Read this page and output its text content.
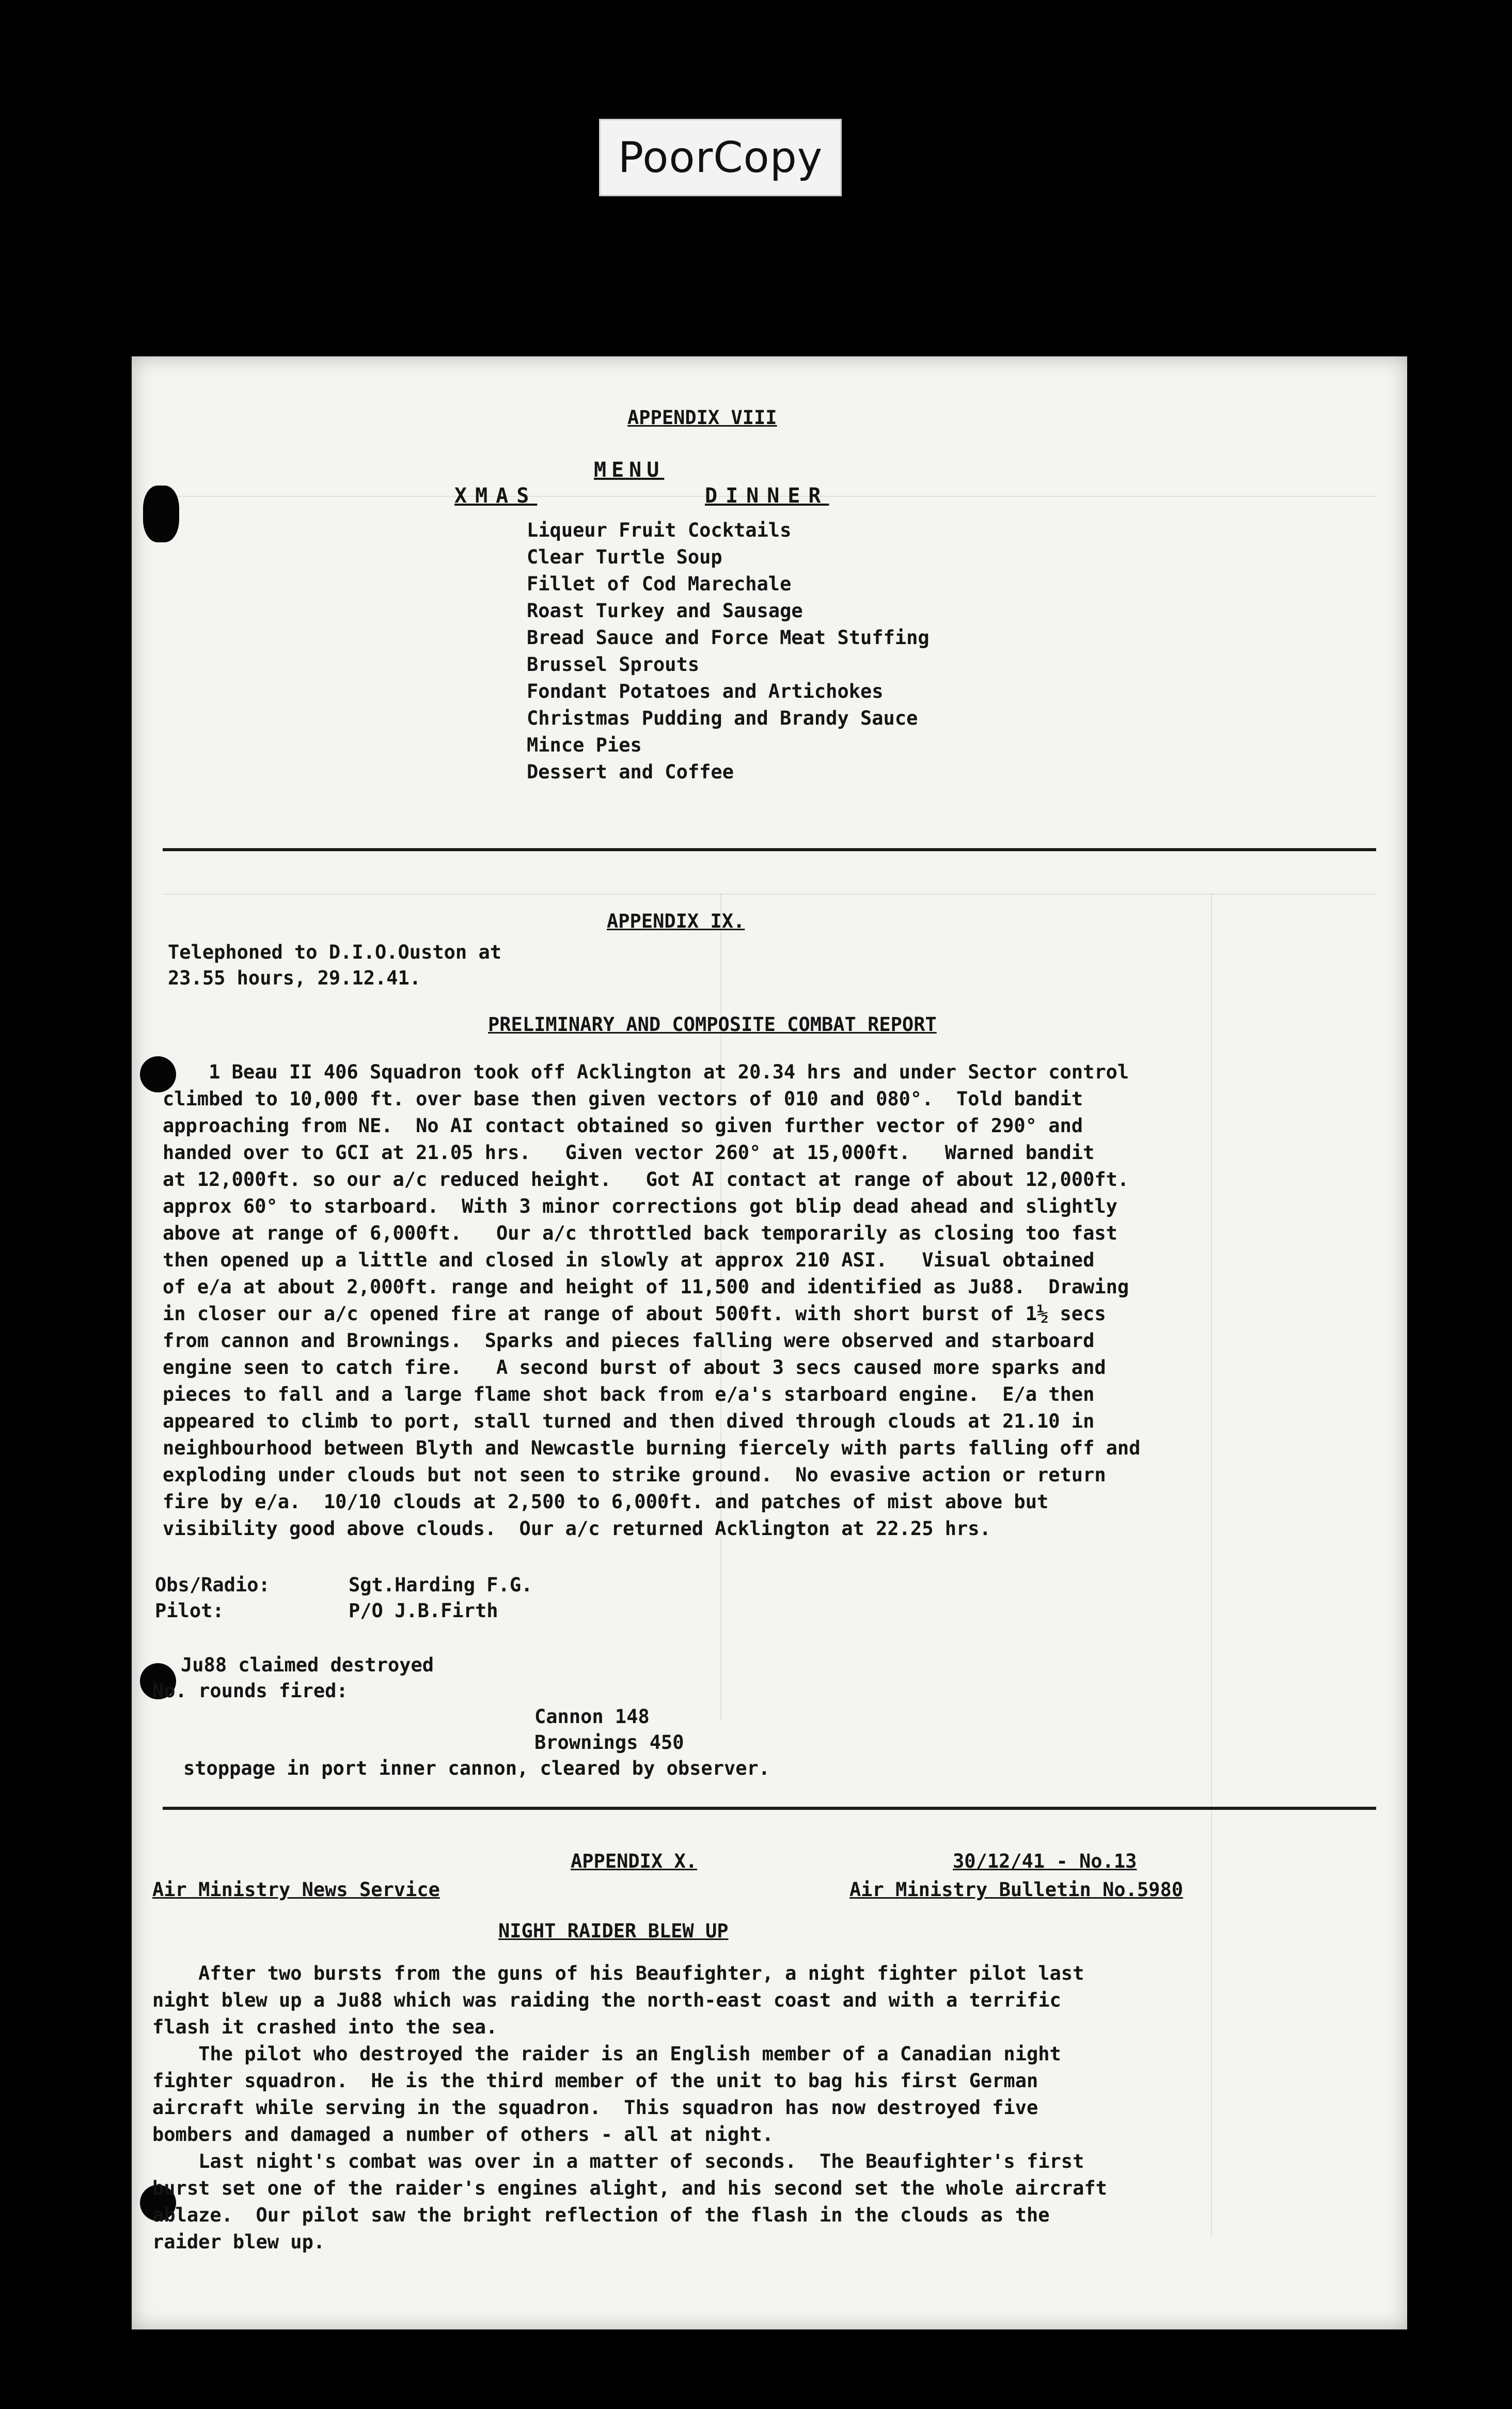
PoorCopy
APPENDIX VIII
MENU
XMAS	DINNER
Liqueur Fruit Cocktails
Clear Turtle Soup
Fillet of Cod Marechale
Roast Turkey and Sausage
Bread Sauce and Force Meat Stuffing
Brussel Sprouts
Fondant Potatoes and Artichokes
Christmas Pudding and Brandy Sauce
Mince Pies
Dessert and Coffee
APPENDIX IX.
Telephoned to D.I.O.Ouston at
23.55 hours, 29.12.41.
PRELIMINARY AND COMPOSITE COMBAT REPORT
1 Beau II 406 Squadron took off Acklington at 20.34 hrs and under Sector control
climbed to 10,000 ft. over base then given vectors of 010 and 080°.  Told bandit
approaching from NE.  No AI contact obtained so given further vector of 290° and
handed over to GCI at 21.05 hrs.   Given vector 260° at 15,000ft.   Warned bandit
at 12,000ft. so our a/c reduced height.   Got AI contact at range of about 12,000ft.
approx 60° to starboard.  With 3 minor corrections got blip dead ahead and slightly
above at range of 6,000ft.   Our a/c throttled back temporarily as closing too fast
then opened up a little and closed in slowly at approx 210 ASI.   Visual obtained
of e/a at about 2,000ft. range and height of 11,500 and identified as Ju88.  Drawing
in closer our a/c opened fire at range of about 500ft. with short burst of 1½ secs
from cannon and Brownings.  Sparks and pieces falling were observed and starboard
engine seen to catch fire.   A second burst of about 3 secs caused more sparks and
pieces to fall and a large flame shot back from e/a's starboard engine.  E/a then
appeared to climb to port, stall turned and then dived through clouds at 21.10 in
neighbourhood between Blyth and Newcastle burning fiercely with parts falling off and
exploding under clouds but not seen to strike ground.  No evasive action or return
fire by e/a.  10/10 clouds at 2,500 to 6,000ft. and patches of mist above but
visibility good above clouds.  Our a/c returned Acklington at 22.25 hrs.
Obs/Radio:	Sgt.Harding F.G.
Pilot:	P/O J.B.Firth
Ju88 claimed destroyed
No. rounds fired:
Cannon 148
Brownings 450
stoppage in port inner cannon, cleared by observer.
APPENDIX X.	30/12/41 - No.13
Air Ministry News Service	Air Ministry Bulletin No.5980
NIGHT RAIDER BLEW UP
After two bursts from the guns of his Beaufighter, a night fighter pilot last
night blew up a Ju88 which was raiding the north-east coast and with a terrific
flash it crashed into the sea.
The pilot who destroyed the raider is an English member of a Canadian night
fighter squadron.  He is the third member of the unit to bag his first German
aircraft while serving in the squadron.  This squadron has now destroyed five
bombers and damaged a number of others - all at night.
Last night's combat was over in a matter of seconds.  The Beaufighter's first
burst set one of the raider's engines alight, and his second set the whole aircraft
ablaze.  Our pilot saw the bright reflection of the flash in the clouds as the
raider blew up.
